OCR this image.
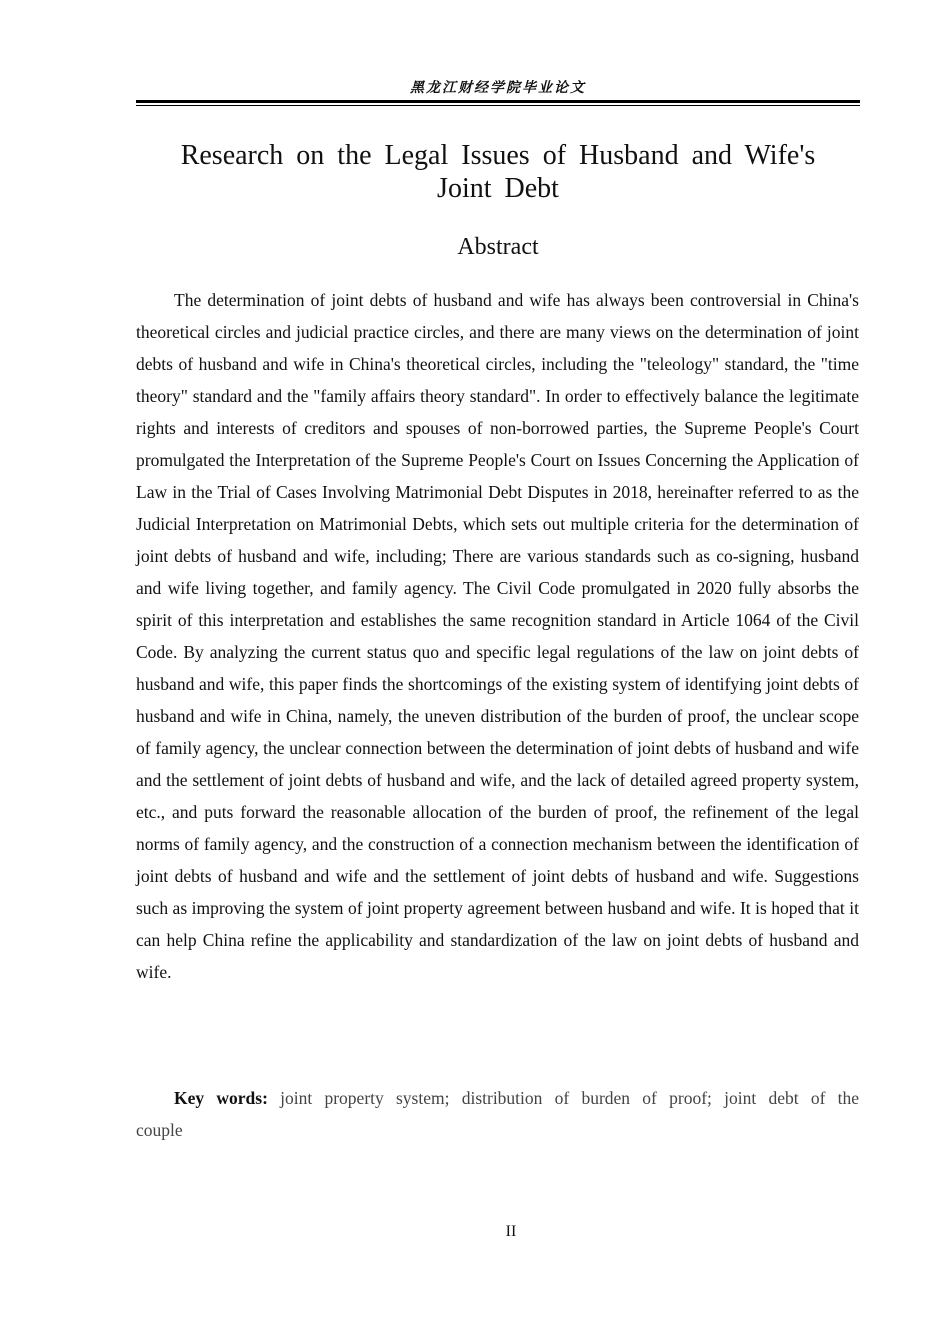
黑龙江财经学院毕业论文
Research on the Legal Issues of Husband and Wife's Joint Debt
Abstract

The determination of joint debts of husband and wife has always been controversial in China's theoretical circles and judicial practice circles, and there are many views on the determination of joint debts of husband and wife in China's theoretical circles, including the "teleology" standard, the "time theory" standard and the "family affairs theory standard". In order to effectively balance the legitimate rights and interests of creditors and spouses of non-borrowed parties, the Supreme People's Court promulgated the Interpretation of the Supreme People's Court on Issues Concerning the Application of Law in the Trial of Cases Involving Matrimonial Debt Disputes in 2018, hereinafter referred to as the Judicial Interpretation on Matrimonial Debts, which sets out multiple criteria for the determination of joint debts of husband and wife, including; There are various standards such as co-signing, husband and wife living together, and family agency. The Civil Code promulgated in 2020 fully absorbs the spirit of this interpretation and establishes the same recognition standard in Article 1064 of the Civil Code. By analyzing the current status quo and specific legal regulations of the law on joint debts of husband and wife, this paper finds the shortcomings of the existing system of identifying joint debts of husband and wife in China, namely, the uneven distribution of the burden of proof, the unclear scope of family agency, the unclear connection between the determination of joint debts of husband and wife and the settlement of joint debts of husband and wife, and the lack of detailed agreed property system, etc., and puts forward the reasonable allocation of the burden of proof, the refinement of the legal norms of family agency, and the construction of a connection mechanism between the identification of joint debts of husband and wife and the settlement of joint debts of husband and wife. Suggestions such as improving the system of joint property agreement between husband and wife. It is hoped that it can help China refine the applicability and standardization of the law on joint debts of husband and wife.

Key words: joint property system; distribution of burden of proof; joint debt of the couple

II
